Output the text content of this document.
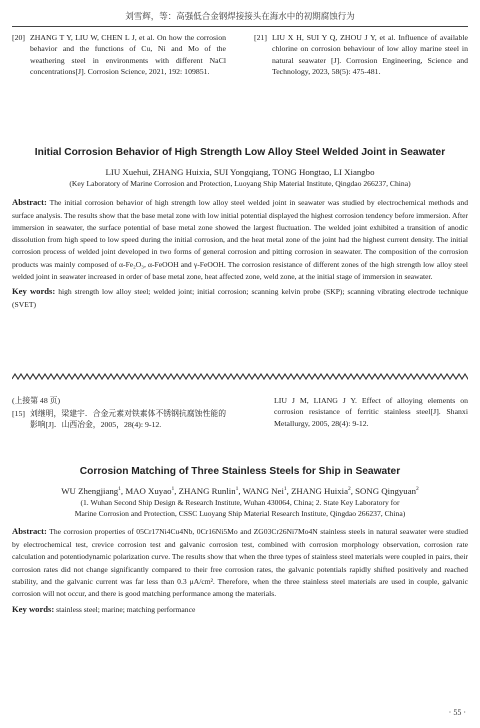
刘雪辉，等：高强低合金钢焊接接头在海水中的初期腐蚀行为
[20] ZHANG T Y, LIU W, CHEN L J, et al. On how the corrosion behavior and the functions of Cu, Ni and Mo of the weathering steel in environments with different NaCl concentrations[J]. Corrosion Science, 2021, 192: 109851.
[21] LIU X H, SUI Y Q, ZHOU J Y, et al. Influence of available chlorine on corrosion behaviour of low alloy marine steel in natural seawater [J]. Corrosion Engineering, Science and Technology, 2023, 58(5): 475-481.
Initial Corrosion Behavior of High Strength Low Alloy Steel Welded Joint in Seawater
LIU Xuehui, ZHANG Huixia, SUI Yongqiang, TONG Hongtao, LI Xiangbo
(Key Laboratory of Marine Corrosion and Protection, Luoyang Ship Material Institute, Qingdao 266237, China)
Abstract: The initial corrosion behavior of high strength low alloy steel welded joint in seawater was studied by electrochemical methods and surface analysis. The results show that the base metal zone with low initial potential displayed the highest corrosion tendency before immersion. After immersion in seawater, the surface potential of base metal zone showed the largest fluctuation. The welded joint exhibited a transition of anodic dissolution from high speed to low speed during the initial corrosion, and the heat metal zone of the joint had the highest current density. The initial corrosion process of welded joint developed in two forms of general corrosion and pitting corrosion in seawater. The composition of the corrosion products was mainly composed of α-Fe₂O₃, α-FeOOH and γ-FeOOH. The corrosion resistance of different zones of the high strength low alloy steel welded joint in seawater increased in order of base metal zone, heat affected zone, weld zone, at the initial stage of immersion in seawater.
Key words: high strength low alloy steel; welded joint; initial corrosion; scanning kelvin probe (SKP); scanning vibrating electrode technique (SVET)
(上接第 48 页)
[15] 刘继明，梁建宇．合金元素对铁素体不锈钢抗腐蚀性能的影响[J]．山西冶金，2005，28(4): 9-12.
LIU J M, LIANG J Y. Effect of alloying elements on corrosion resistance of ferritic stainless steel[J]. Shanxi Metallurgy, 2005, 28(4): 9-12.
Corrosion Matching of Three Stainless Steels for Ship in Seawater
WU Zhengjiang$^1$, MAO Xuyao$^1$, ZHANG Runlin$^1$, WANG Nei$^1$, ZHANG Huixia$^2$, SONG Qingyuan$^2$
(1. Wuhan Second Ship Design & Research Institute, Wuhan 430064, China; 2. State Key Laboratory for
Marine Corrosion and Protection, CSSC Luoyang Ship Material Research Institute, Qingdao 266237, China)
Abstract: The corrosion properties of 05Cr17Ni4Cu4Nb, 0Cr16Ni5Mo and ZG03Cr26Ni7Mo4N stainless steels in natural seawater were studied by electrochemical test, crevice corrosion test and galvanic corrosion test, combined with corrosion morphology observation, corrosion rate calculation and potentiodynamic polarization curve. The results show that when the three types of stainless steel materials were coupled in pairs, their corrosion rates did not change significantly compared to their free corrosion rates, the galvanic potentials rapidly shifted positively and reached stability, and the galvanic current was far less than 0.3 μA/cm². Therefore, when the three stainless steel materials are used in couple, galvanic corrosion will not occur, and there is good matching performance among the materials.
Key words: stainless steel; marine; matching performance
· 55 ·
